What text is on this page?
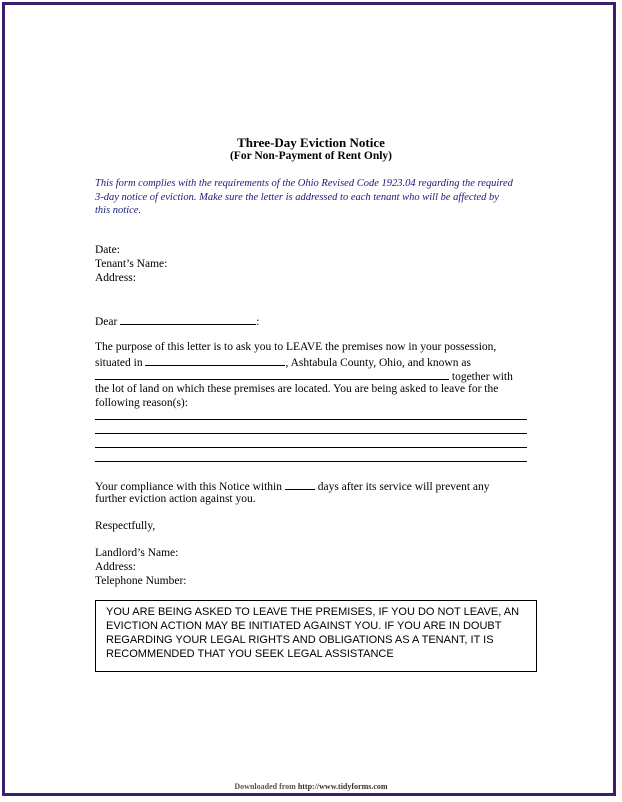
Three-Day Eviction Notice
(For Non-Payment of Rent Only)
This form complies with the requirements of the Ohio Revised Code 1923.04 regarding the required 3-day notice of eviction. Make sure the letter is addressed to each tenant who will be affected by this notice.
Date:
Tenant’s Name:
Address:
Dear	:
The purpose of this letter is to ask you to LEAVE the premises now in your possession,
situated in	, Ashtabula County, Ohio, and known as
together with
the lot of land on which these premises are located. You are being asked to leave for the
following reason(s):
Your compliance with this Notice within	days after its service will prevent any
further eviction action against you.
Respectfully,
Landlord’s Name:
Address:
Telephone Number:
YOU ARE BEING ASKED TO LEAVE THE PREMISES, IF YOU DO NOT LEAVE, AN EVICTION ACTION MAY BE INITIATED AGAINST YOU. IF YOU ARE IN DOUBT REGARDING YOUR LEGAL RIGHTS AND OBLIGATIONS AS A TENANT, IT IS RECOMMENDED THAT YOU SEEK LEGAL ASSISTANCE
Downloaded from http://www.tidyforms.com
